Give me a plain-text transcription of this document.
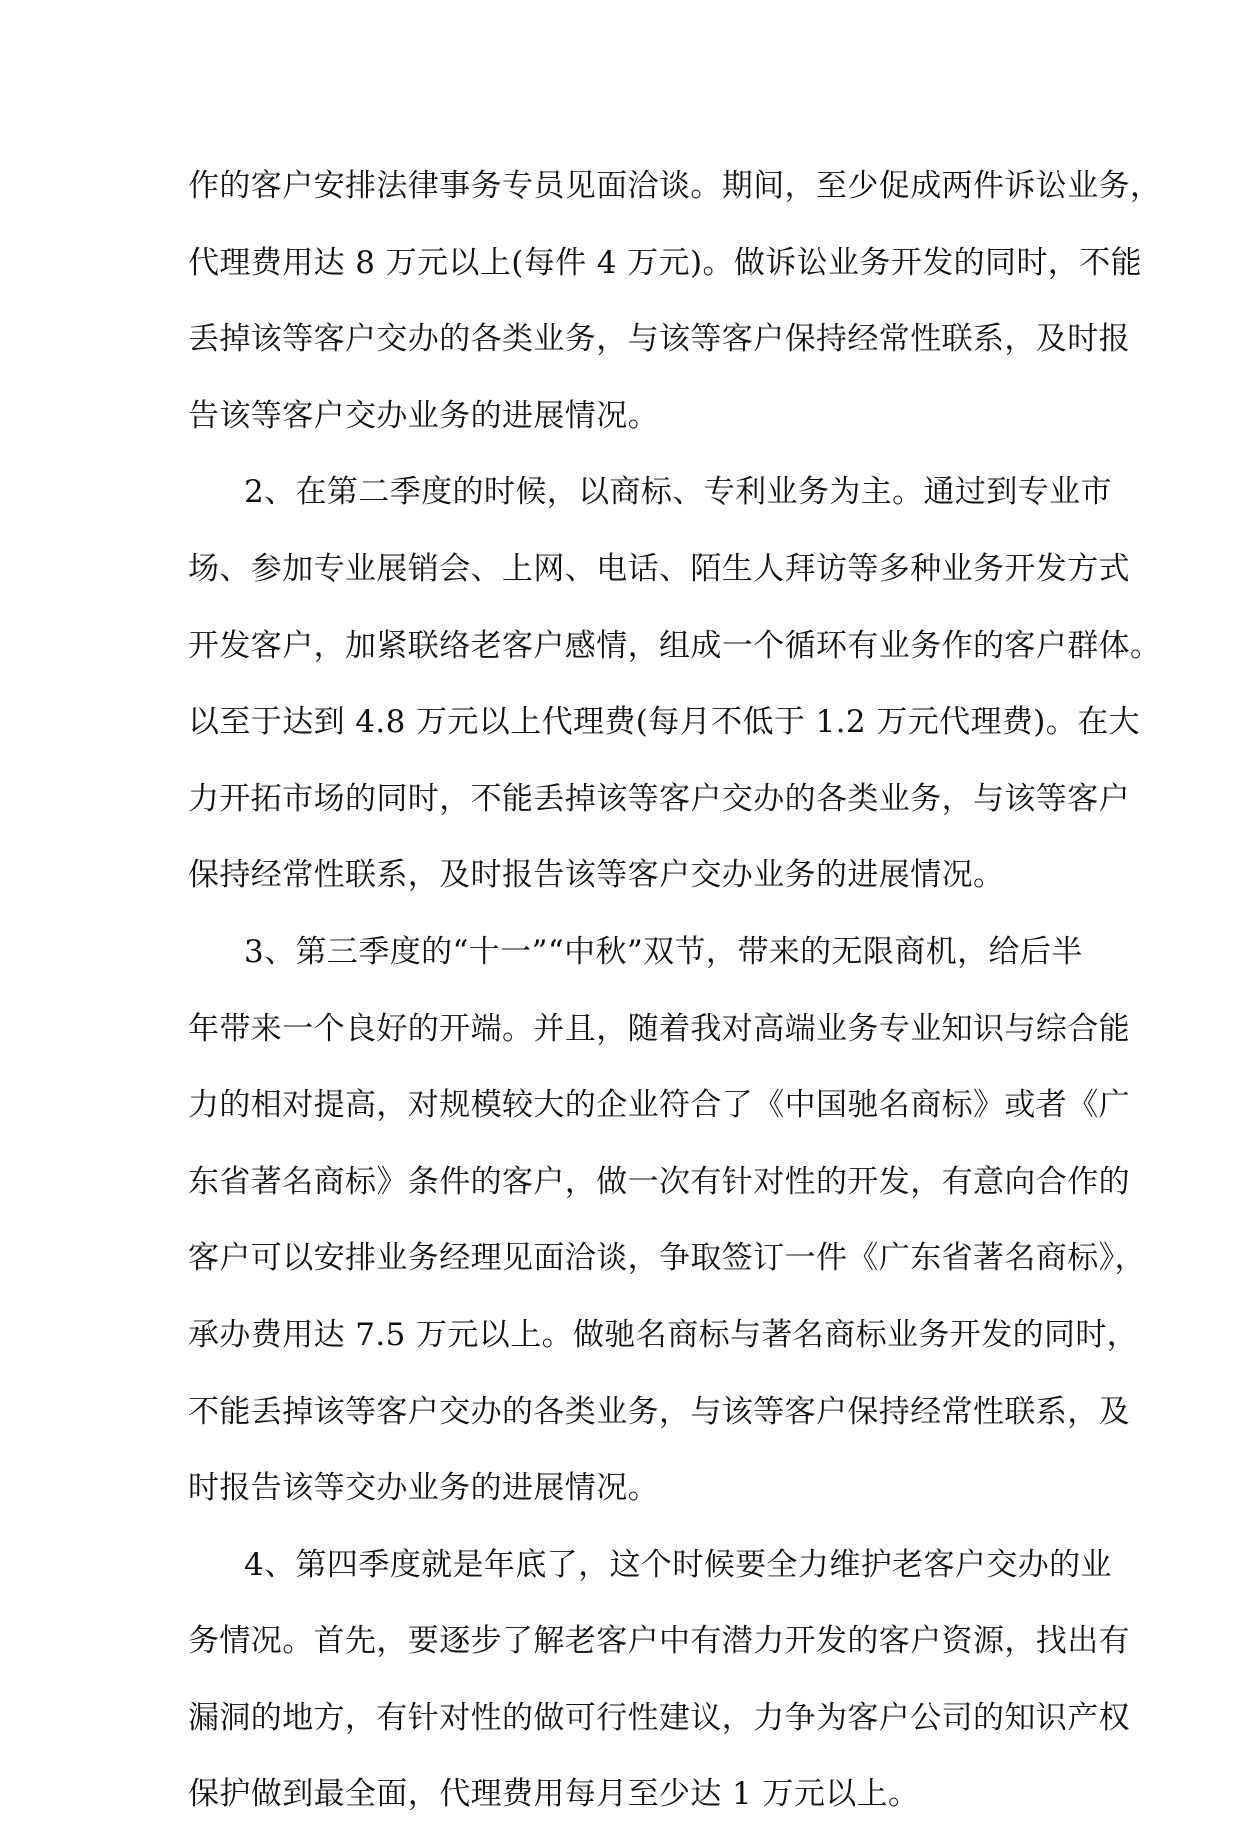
作的客户安排法律事务专员见面洽谈。期间，至少促成两件诉讼业务，
代理费用达 8 万元以上(每件 4 万元)。做诉讼业务开发的同时，不能
丢掉该等客户交办的各类业务，与该等客户保持经常性联系，及时报
告该等客户交办业务的进展情况。
2、在第二季度的时候，以商标、专利业务为主。通过到专业市
场、参加专业展销会、上网、电话、陌生人拜访等多种业务开发方式
开发客户，加紧联络老客户感情，组成一个循环有业务作的客户群体。
以至于达到 4.8 万元以上代理费(每月不低于 1.2 万元代理费)。在大
力开拓市场的同时，不能丢掉该等客户交办的各类业务，与该等客户
保持经常性联系，及时报告该等客户交办业务的进展情况。
3、第三季度的“十一”“中秋”双节，带来的无限商机，给后半
年带来一个良好的开端。并且，随着我对高端业务专业知识与综合能
力的相对提高，对规模较大的企业符合了《中国驰名商标》或者《广
东省著名商标》条件的客户，做一次有针对性的开发，有意向合作的
客户可以安排业务经理见面洽谈，争取签订一件《广东省著名商标》，
承办费用达 7.5 万元以上。做驰名商标与著名商标业务开发的同时，
不能丢掉该等客户交办的各类业务，与该等客户保持经常性联系，及
时报告该等交办业务的进展情况。
4、第四季度就是年底了，这个时候要全力维护老客户交办的业
务情况。首先，要逐步了解老客户中有潜力开发的客户资源，找出有
漏洞的地方，有针对性的做可行性建议，力争为客户公司的知识产权
保护做到最全面，代理费用每月至少达 1 万元以上。
